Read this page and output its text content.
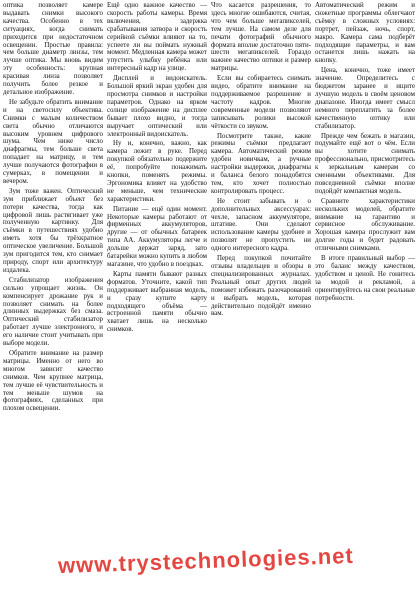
оптика позволяет камере выдавать снимки высокого качества. Особенно в тех ситуациях, когда снимать приходится при недостаточном освещении. Простые правила: чем больше диаметр линзы, тем лучше оптика. Мы вновь видим эту особенность: крупная красивая линза позволяет получить более резкое и детальное изображение.

Не забудьте обратить внимание и на светосилу объектива. Снимки с малым количеством света обычно отличаются высоким уровнем цифрового шума. Чем ниже число диафрагмы, тем больше света попадает на матрицу, и тем лучше получаются фотографии в сумерках, в помещении и вечером.

Зум тоже важен. Оптический зум приближает объект без потери качества, тогда как цифровой лишь растягивает уже полученную картинку. Для съёмки в путешествиях удобно иметь хотя бы трёхкратное оптическое увеличение. Большой зум пригодится тем, кто снимает природу, спорт или архитектуру издалека.

Стабилизатор изображения сильно упрощает жизнь. Он компенсирует дрожание рук и позволяет снимать на более длинных выдержках без смаза. Оптический стабилизатор работает лучше электронного, и его наличие стоит учитывать при выборе модели.

Обратите внимание на размер матрицы. Именно от него во многом зависит качество снимков. Чем крупнее матрица, тем лучше её чувствительность и тем меньше шумов на фотографиях, сделанных при плохом освещении.

Ещё одно важное качество — скорость работы камеры. Время включения, задержка срабатывания затвора и скорость серийной съёмки влияют на то, успеете ли вы поймать нужный момент. Медленная камера может упустить улыбку ребёнка или интересный кадр на улице.

Дисплей и видоискатель. Большой яркий экран удобен для просмотра снимков и настройки параметров. Однако на ярком солнце изображение на дисплее бывает плохо видно, и тогда выручает оптический или электронный видоискатель.

Ну и, конечно, важно, как камера лежит в руке. Перед покупкой обязательно подержите её, попробуйте понажимать кнопки, поменять режимы. Эргономика влияет на удобство не меньше, чем технические характеристики.

Питание — ещё один момент. Некоторые камеры работают от фирменных аккумуляторов, другие — от обычных батареек типа АА. Аккумуляторы легче и дольше держат заряд, зато батарейки можно купить в любом магазине, что удобно в поездках.

Карты памяти бывают разных форматов. Уточните, какой тип поддерживает выбранная модель, и сразу купите карту подходящего объёма — встроенной памяти обычно хватает лишь на несколько снимков.

Что касается разрешения, то здесь многие ошибаются, считая, что чем больше мегапикселей, тем лучше. На самом деле для печати фотографий обычного формата вполне достаточно пяти-шести мегапикселей. Гораздо важнее качество оптики и размер матрицы.

Если вы собираетесь снимать видео, обратите внимание на поддерживаемое разрешение и частоту кадров. Многие современные модели позволяют записывать ролики высокой чёткости со звуком.

Посмотрите также, какие режимы съёмки предлагает камера. Автоматический режим удобен новичкам, а ручные настройки выдержки, диафрагмы и баланса белого понадобятся тем, кто хочет полностью контролировать процесс.

Не стоит забывать и о дополнительных аксессуарах: чехле, запасном аккумуляторе, штативе. Они сделают использование камеры удобнее и позволят не пропустить ни одного интересного кадра.

Перед покупкой почитайте отзывы владельцев и обзоры в специализированных журналах. Реальный опыт других людей поможет избежать разочарований и выбрать модель, которая действительно подойдёт именно вам.

Автоматический режим и сюжетные программы облегчают съёмку в сложных условиях: портрет, пейзаж, ночь, спорт, макро. Камера сама подберёт подходящие параметры, и вам останется лишь нажать на кнопку.

Цена, конечно, тоже имеет значение. Определитесь с бюджетом заранее и ищите лучшую модель в своём ценовом диапазоне. Иногда имеет смысл немного переплатить за более качественную оптику или стабилизатор.

Прежде чем бежать в магазин, подумайте ещё вот о чём. Если вы хотите снимать профессионально, присмотритесь к зеркальным камерам со сменными объективами. Для повседневной съёмки вполне подойдёт компактная модель.

Сравните характеристики нескольких моделей, обратите внимание на гарантию и сервисное обслуживание. Хорошая камера прослужит вам долгие годы и будет радовать отличными снимками.

В итоге правильный выбор — это баланс между качеством, удобством и ценой. Не гонитесь за модой и рекламой, а ориентируйтесь на свои реальные потребности.

www.trystechnologies.net
